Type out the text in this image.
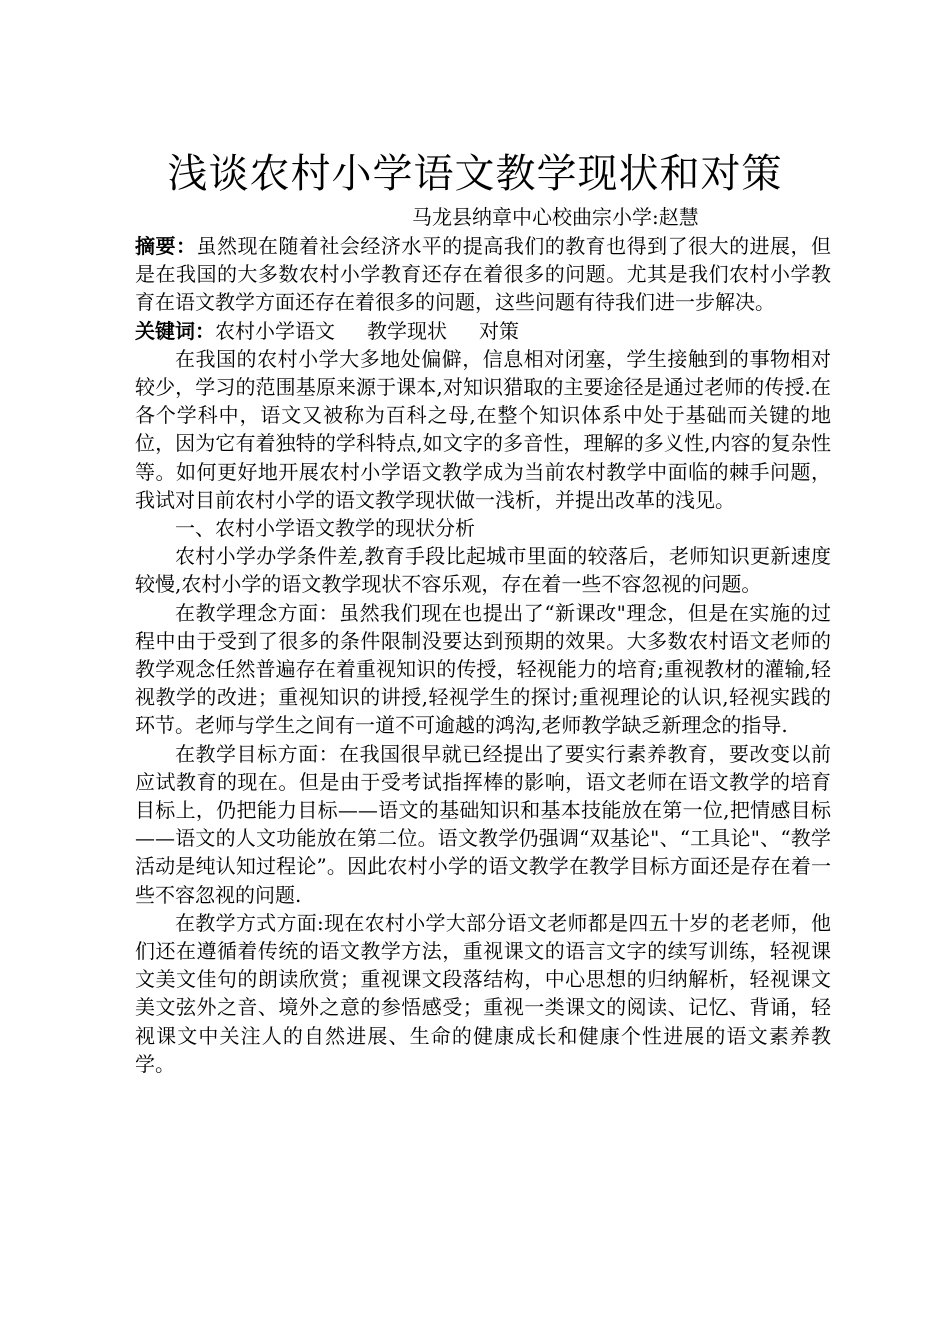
浅谈农村小学语文教学现状和对策

马龙县纳章中心校曲宗小学:赵慧

摘要：虽然现在随着社会经济水平的提高我们的教育也得到了很大的进展，但是在我国的大多数农村小学教育还存在着很多的问题。尤其是我们农村小学教育在语文教学方面还存在着很多的问题，这些问题有待我们进一步解决。

关键词：农村小学语文 教学现状 对策

在我国的农村小学大多地处偏僻，信息相对闭塞，学生接触到的事物相对较少，学习的范围基原来源于课本,对知识猎取的主要途径是通过老师的传授.在各个学科中，语文又被称为百科之母,在整个知识体系中处于基础而关键的地位，因为它有着独特的学科特点,如文字的多音性，理解的多义性,内容的复杂性等。如何更好地开展农村小学语文教学成为当前农村教学中面临的棘手问题，我试对目前农村小学的语文教学现状做一浅析，并提出改革的浅见。

一、农村小学语文教学的现状分析

农村小学办学条件差,教育手段比起城市里面的较落后，老师知识更新速度较慢,农村小学的语文教学现状不容乐观，存在着一些不容忽视的问题。

在教学理念方面：虽然我们现在也提出了“新课改"理念，但是在实施的过程中由于受到了很多的条件限制没要达到预期的效果。大多数农村语文老师的教学观念任然普遍存在着重视知识的传授，轻视能力的培育;重视教材的灌输,轻视教学的改进；重视知识的讲授,轻视学生的探讨;重视理论的认识,轻视实践的环节。老师与学生之间有一道不可逾越的鸿沟,老师教学缺乏新理念的指导.

在教学目标方面：在我国很早就已经提出了要实行素养教育，要改变以前应试教育的现在。但是由于受考试指挥棒的影响，语文老师在语文教学的培育目标上，仍把能力目标——语文的基础知识和基本技能放在第一位,把情感目标——语文的人文功能放在第二位。语文教学仍强调“双基论"、“工具论"、“教学活动是纯认知过程论”。因此农村小学的语文教学在教学目标方面还是存在着一些不容忽视的问题.

在教学方式方面:现在农村小学大部分语文老师都是四五十岁的老老师，他们还在遵循着传统的语文教学方法，重视课文的语言文字的续写训练，轻视课文美文佳句的朗读欣赏；重视课文段落结构，中心思想的归纳解析，轻视课文美文弦外之音、境外之意的参悟感受；重视一类课文的阅读、记忆、背诵，轻视课文中关注人的自然进展、生命的健康成长和健康个性进展的语文素养教学。
